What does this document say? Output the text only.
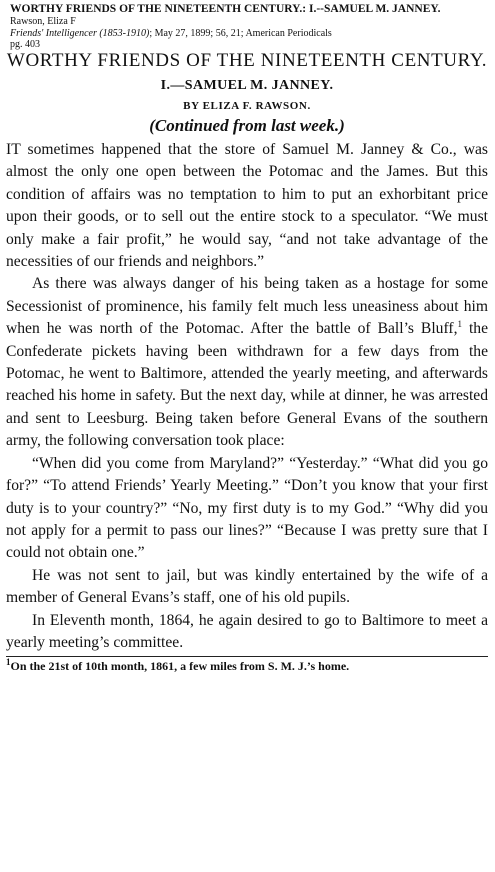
WORTHY FRIENDS OF THE NINETEENTH CENTURY.: I.--SAMUEL M. JANNEY.
Rawson, Eliza F
Friends' Intelligencer (1853-1910); May 27, 1899; 56, 21; American Periodicals
pg. 403
WORTHY FRIENDS OF THE NINETEENTH CENTURY.
I.—SAMUEL M. JANNEY.
BY ELIZA F. RAWSON.
(Continued from last week.)

IT sometimes happened that the store of Samuel M. Janney & Co., was almost the only one open between the Potomac and the James. But this condition of affairs was no temptation to him to put an exhorbitant price upon their goods, or to sell out the entire stock to a speculator. “We must only make a fair profit,” he would say, “and not take advantage of the necessities of our friends and neighbors.”

As there was always danger of his being taken as a hostage for some Secessionist of prominence, his family felt much less uneasiness about him when he was north of the Potomac. After the battle of Ball’s Bluff,$^1$ the Confederate pickets having been withdrawn for a few days from the Potomac, he went to Baltimore, attended the yearly meeting, and afterwards reached his home in safety. But the next day, while at dinner, he was arrested and sent to Leesburg. Being taken before General Evans of the southern army, the following conversation took place:

“When did you come from Maryland?” “Yesterday.” “What did you go for?” “To attend Friends’ Yearly Meeting.” “Don’t you know that your first duty is to your country?” “No, my first duty is to my God.” “Why did you not apply for a permit to pass our lines?” “Because I was pretty sure that I could not obtain one.”

He was not sent to jail, but was kindly entertained by the wife of a member of General Evans’s staff, one of his old pupils.

In Eleventh month, 1864, he again desired to go to Baltimore to meet a yearly meeting’s committee.

$^1$On the 21st of 10th month, 1861, a few miles from S. M. J.’s home.
